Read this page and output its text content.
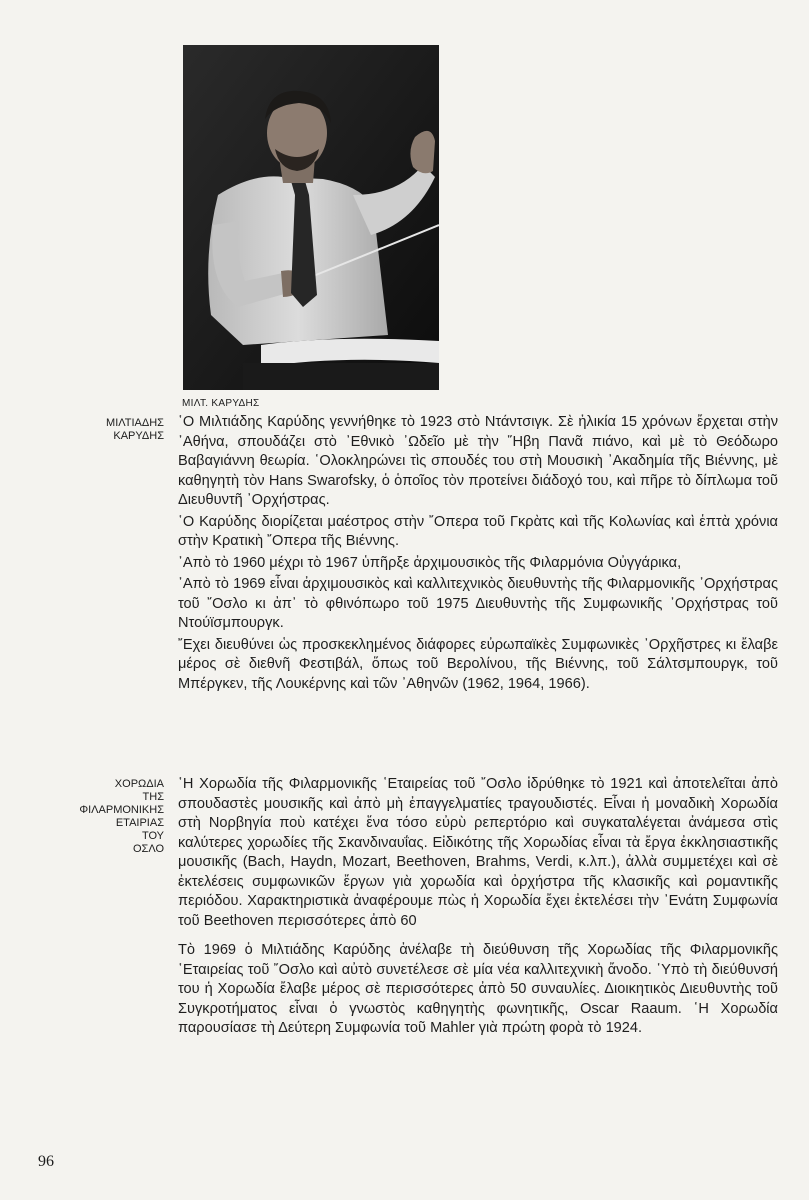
ΜΙΛΤ. ΚΑΡΥΔΗΣ
ΜΙΛΤΙΑΔΗΣ
ΚΑΡΥΔΗΣ

῾Ο Μιλτιάδης Καρύδης γεννήθηκε τὸ 1923 στὸ Ντάντσιγκ. Σὲ ἡλικία 15 χρόνων ἔρχεται στὴν ᾿Αθήνα, σπουδάζει στὸ ᾿Εθνικὸ ᾿Ωδεῖο μὲ τὴν ῞Ηβη Πανᾶ πιάνο, καὶ μὲ τὸ Θεόδωρο Βαβαγιάννη θεωρία. ῾Ολοκληρώνει τὶς σπουδές του στὴ Μουσικὴ ᾿Ακαδημία τῆς Βιέννης, μὲ καθηγητὴ τὸν Hans Swarofsky, ὁ ὁποῖος τὸν προτείνει διάδοχό του, καὶ πῆρε τὸ δίπλωμα τοῦ Διευθυντῆ ᾿Ορχήστρας.

῾Ο Καρύδης διορίζεται μαέστρος στὴν ῎Οπερα τοῦ Γκρὰτς καὶ τῆς Κολωνίας καὶ ἑπτὰ χρόνια στὴν Κρατικὴ ῎Οπερα τῆς Βιέννης.

᾿Απὸ τὸ 1960 μέχρι τὸ 1967 ὑπῆρξε ἀρχιμουσικὸς τῆς Φιλαρμόνια Οὐγγάρικα,

᾿Απὸ τὸ 1969 εἶναι ἀρχιμουσικὸς καὶ καλλιτεχνικὸς διευθυντὴς τῆς Φιλαρμονικῆς ᾿Ορχήστρας τοῦ ῎Οσλο κι ἀπ᾿ τὸ φθινόπωρο τοῦ 1975 Διευθυντὴς τῆς Συμφωνικῆς ᾿Ορχήστρας τοῦ Ντούϊσμπουργκ.

῎Εχει διευθύνει ὡς προσκεκλημένος διάφορες εὐρωπαϊκὲς Συμφωνικὲς ᾿Ορχῆστρες κι ἔλαβε μέρος σὲ διεθνῆ Φεστιβάλ, ὅπως τοῦ Βερολίνου, τῆς Βιέννης, τοῦ Σάλτσμπουργκ, τοῦ Μπέργκεν, τῆς Λουκέρνης καὶ τῶν ᾿Αθηνῶν (1962, 1964, 1966).

ΧΟΡΩΔΙΑ
ΤΗΣ
ΦΙΛΑΡΜΟΝΙΚΗΣ
ΕΤΑΙΡΙΑΣ
ΤΟΥ
ΟΣΛΟ

῾Η Χορωδία τῆς Φιλαρμονικῆς ῾Εταιρείας τοῦ ῎Οσλο ἱδρύθηκε τὸ 1921 καὶ ἀποτελεῖται ἀπὸ σπουδαστὲς μουσικῆς καὶ ἀπὸ μὴ ἐπαγγελματίες τραγουδιστές. Εἶναι ἡ μοναδικὴ Χορωδία στὴ Νορβηγία ποὺ κατέχει ἕνα τόσο εὐρὺ ρεπερτόριο καὶ συγκαταλέγεται ἀνάμεσα στὶς καλύτερες χορωδίες τῆς Σκανδιναυΐας. Εἰδικότης τῆς Χορωδίας εἶναι τὰ ἔργα ἐκκλησιαστικῆς μουσικῆς (Bach, Haydn, Mozart, Beethoven, Brahms, Verdi, κ.λπ.), ἀλλὰ συμμετέχει καὶ σὲ ἐκτελέσεις συμφωνικῶν ἔργων γιὰ χορωδία καὶ ὀρχήστρα τῆς κλασικῆς καὶ ρομαντικῆς περιόδου. Χαρακτηριστικὰ ἀναφέρουμε πὼς ἡ Χορωδία ἔχει ἐκτελέσει τὴν ᾿Ενάτη Συμφωνία τοῦ Beethoven περισσότερες ἀπὸ 60

Τὸ 1969 ὁ Μιλτιάδης Καρύδης ἀνέλαβε τὴ διεύθυνση τῆς Χορωδίας τῆς Φιλαρμονικῆς ῾Εταιρείας τοῦ ῎Οσλο καὶ αὐτὸ συνετέλεσε σὲ μία νέα καλλιτεχνικὴ ἄνοδο. ῾Υπὸ τὴ διεύθυνσή του ἡ Χορωδία ἔλαβε μέρος σὲ περισσότερες ἀπὸ 50 συναυλίες. Διοικητικὸς Διευθυντὴς τοῦ Συγκροτήματος εἶναι ὁ γνωστὸς καθηγητὴς φωνητικῆς, Oscar Raaum. ῾Η Χορωδία παρουσίασε τὴ Δεύτερη Συμφωνία τοῦ Mahler γιὰ πρώτη φορὰ τὸ 1924.

96
